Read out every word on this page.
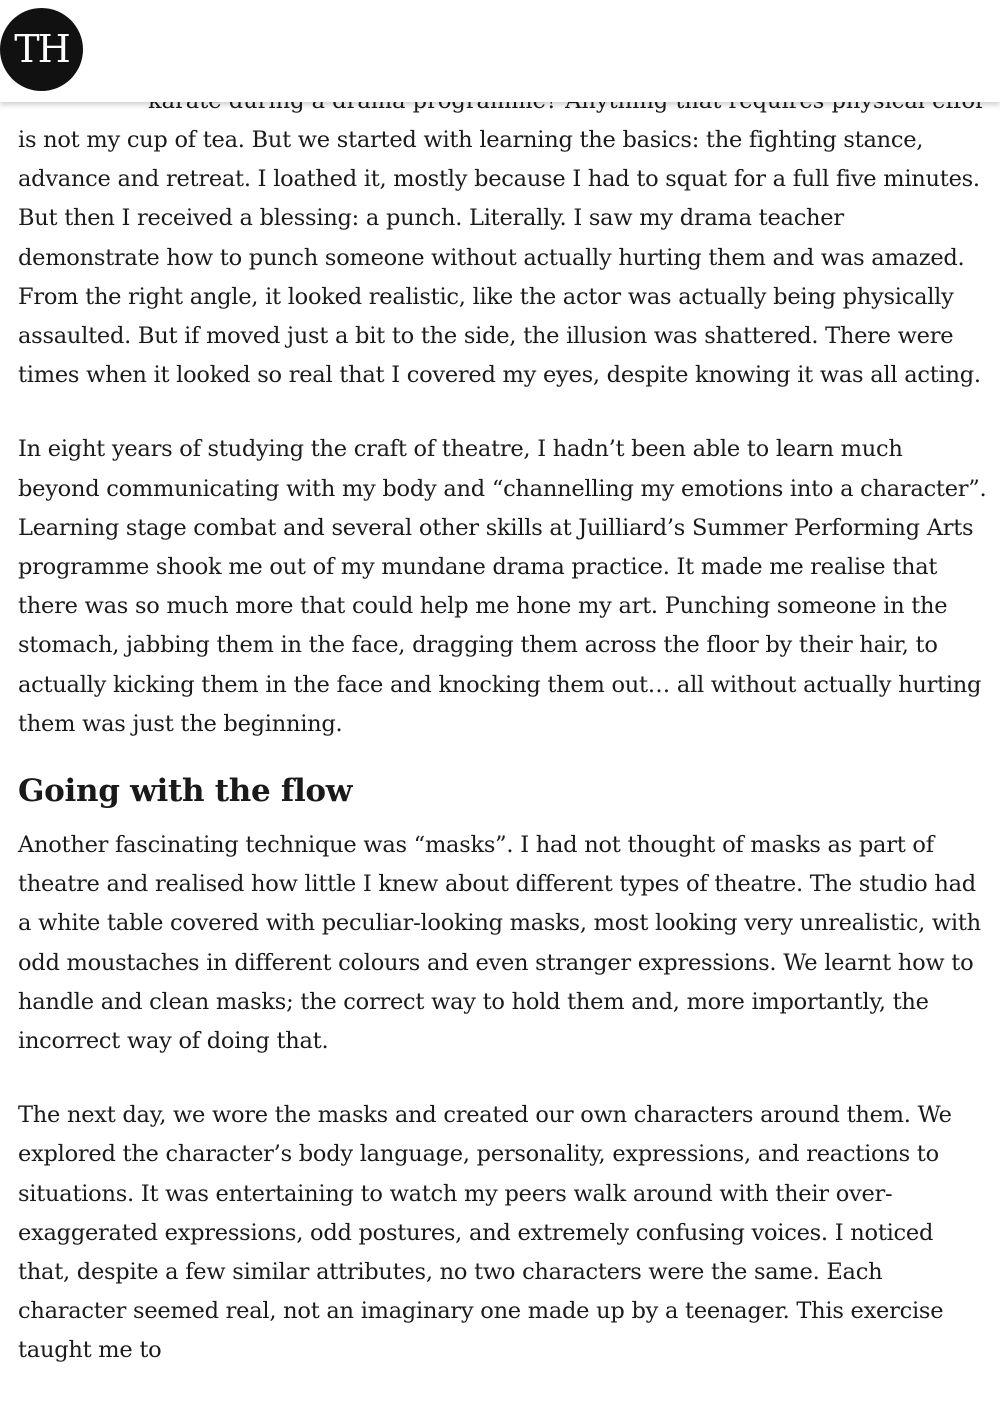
TH

is not my cup of tea. But we started with learning the basics: the fighting stance, advance and retreat. I loathed it, mostly because I had to squat for a full five minutes. But then I received a blessing: a punch. Literally. I saw my drama teacher demonstrate how to punch someone without actually hurting them and was amazed. From the right angle, it looked realistic, like the actor was actually being physically assaulted. But if moved just a bit to the side, the illusion was shattered. There were times when it looked so real that I covered my eyes, despite knowing it was all acting.

In eight years of studying the craft of theatre, I hadn’t been able to learn much beyond communicating with my body and “channelling my emotions into a character”. Learning stage combat and several other skills at Juilliard’s Summer Performing Arts programme shook me out of my mundane drama practice. It made me realise that there was so much more that could help me hone my art. Punching someone in the stomach, jabbing them in the face, dragging them across the floor by their hair, to actually kicking them in the face and knocking them out… all without actually hurting them was just the beginning.

Going with the flow

Another fascinating technique was “masks”. I had not thought of masks as part of theatre and realised how little I knew about different types of theatre. The studio had a white table covered with peculiar-looking masks, most looking very unrealistic, with odd moustaches in different colours and even stranger expressions. We learnt how to handle and clean masks; the correct way to hold them and, more importantly, the incorrect way of doing that.

The next day, we wore the masks and created our own characters around them. We explored the character’s body language, personality, expressions, and reactions to situations. It was entertaining to watch my peers walk around with their over-exaggerated expressions, odd postures, and extremely confusing voices. I noticed that, despite a few similar attributes, no two characters were the same. Each character seemed real, not an imaginary one made up by a teenager. This exercise taught me to
